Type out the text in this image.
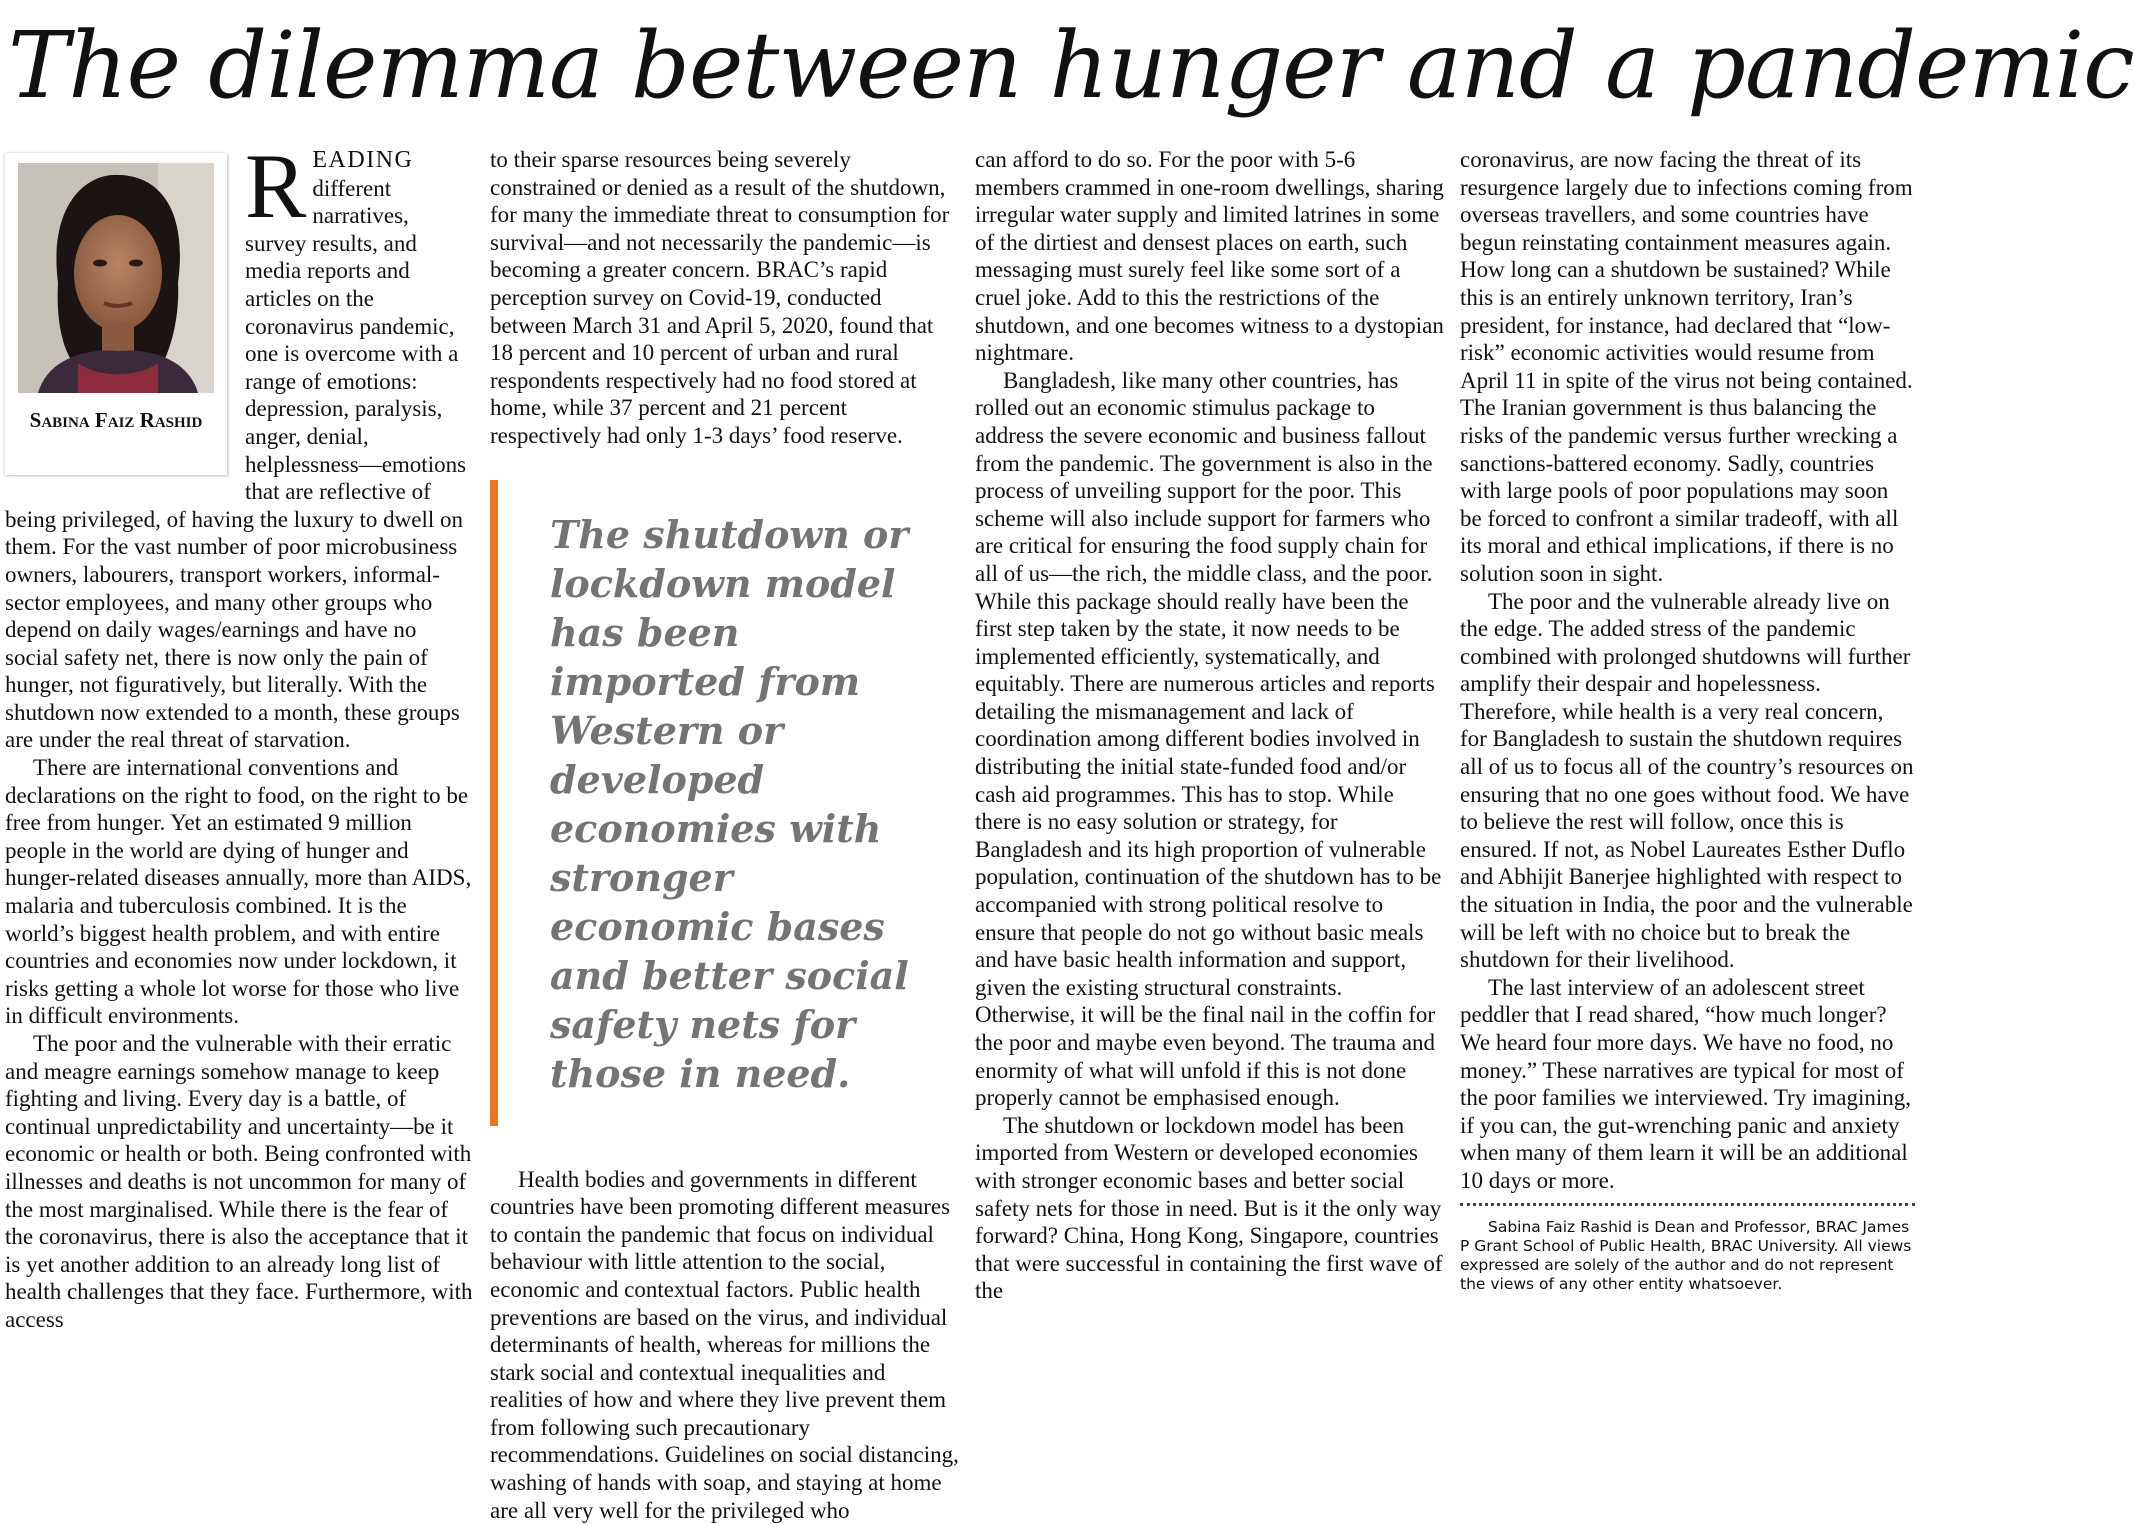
The dilemma between hunger and a pandemic
Sabina Faiz Rashid

READING different narratives, survey results, and media reports and articles on the coronavirus pandemic, one is overcome with a range of emotions: depression, paralysis, anger, denial, helplessness—emotions that are reflective of being privileged, of having the luxury to dwell on them. For the vast number of poor microbusiness owners, labourers, transport workers, informal-sector employees, and many other groups who depend on daily wages/earnings and have no social safety net, there is now only the pain of hunger, not figuratively, but literally. With the shutdown now extended to a month, these groups are under the real threat of starvation.

There are international conventions and declarations on the right to food, on the right to be free from hunger. Yet an estimated 9 million people in the world are dying of hunger and hunger-related diseases annually, more than AIDS, malaria and tuberculosis combined. It is the world’s biggest health problem, and with entire countries and economies now under lockdown, it risks getting a whole lot worse for those who live in difficult environments.

The poor and the vulnerable with their erratic and meagre earnings somehow manage to keep fighting and living. Every day is a battle, of continual unpredictability and uncertainty—be it economic or health or both. Being confronted with illnesses and deaths is not uncommon for many of the most marginalised. While there is the fear of the coronavirus, there is also the acceptance that it is yet another addition to an already long list of health challenges that they face. Furthermore, with access

to their sparse resources being severely constrained or denied as a result of the shutdown, for many the immediate threat to consumption for survival—and not necessarily the pandemic—is becoming a greater concern. BRAC’s rapid perception survey on Covid-19, conducted between March 31 and April 5, 2020, found that 18 percent and 10 percent of urban and rural respondents respectively had no food stored at home, while 37 percent and 21 percent respectively had only 1-3 days’ food reserve.

The shutdown or lockdown model has been imported from Western or developed economies with stronger economic bases and better social safety nets for those in need.

Health bodies and governments in different countries have been promoting different measures to contain the pandemic that focus on individual behaviour with little attention to the social, economic and contextual factors. Public health preventions are based on the virus, and individual determinants of health, whereas for millions the stark social and contextual inequalities and realities of how and where they live prevent them from following such precautionary recommendations. Guidelines on social distancing, washing of hands with soap, and staying at home are all very well for the privileged who

can afford to do so. For the poor with 5-6 members crammed in one-room dwellings, sharing irregular water supply and limited latrines in some of the dirtiest and densest places on earth, such messaging must surely feel like some sort of a cruel joke. Add to this the restrictions of the shutdown, and one becomes witness to a dystopian nightmare.

Bangladesh, like many other countries, has rolled out an economic stimulus package to address the severe economic and business fallout from the pandemic. The government is also in the process of unveiling support for the poor. This scheme will also include support for farmers who are critical for ensuring the food supply chain for all of us—the rich, the middle class, and the poor. While this package should really have been the first step taken by the state, it now needs to be implemented efficiently, systematically, and equitably. There are numerous articles and reports detailing the mismanagement and lack of coordination among different bodies involved in distributing the initial state-funded food and/or cash aid programmes. This has to stop. While there is no easy solution or strategy, for Bangladesh and its high proportion of vulnerable population, continuation of the shutdown has to be accompanied with strong political resolve to ensure that people do not go without basic meals and have basic health information and support, given the existing structural constraints. Otherwise, it will be the final nail in the coffin for the poor and maybe even beyond. The trauma and enormity of what will unfold if this is not done properly cannot be emphasised enough.

The shutdown or lockdown model has been imported from Western or developed economies with stronger economic bases and better social safety nets for those in need. But is it the only way forward? China, Hong Kong, Singapore, countries that were successful in containing the first wave of the

coronavirus, are now facing the threat of its resurgence largely due to infections coming from overseas travellers, and some countries have begun reinstating containment measures again. How long can a shutdown be sustained? While this is an entirely unknown territory, Iran’s president, for instance, had declared that “low-risk” economic activities would resume from April 11 in spite of the virus not being contained. The Iranian government is thus balancing the risks of the pandemic versus further wrecking a sanctions-battered economy. Sadly, countries with large pools of poor populations may soon be forced to confront a similar tradeoff, with all its moral and ethical implications, if there is no solution soon in sight.

The poor and the vulnerable already live on the edge. The added stress of the pandemic combined with prolonged shutdowns will further amplify their despair and hopelessness. Therefore, while health is a very real concern, for Bangladesh to sustain the shutdown requires all of us to focus all of the country’s resources on ensuring that no one goes without food. We have to believe the rest will follow, once this is ensured. If not, as Nobel Laureates Esther Duflo and Abhijit Banerjee highlighted with respect to the situation in India, the poor and the vulnerable will be left with no choice but to break the shutdown for their livelihood.

The last interview of an adolescent street peddler that I read shared, “how much longer? We heard four more days. We have no food, no money.” These narratives are typical for most of the poor families we interviewed. Try imagining, if you can, the gut-wrenching panic and anxiety when many of them learn it will be an additional 10 days or more.

Sabina Faiz Rashid is Dean and Professor, BRAC James P Grant School of Public Health, BRAC University. All views expressed are solely of the author and do not represent the views of any other entity whatsoever.
